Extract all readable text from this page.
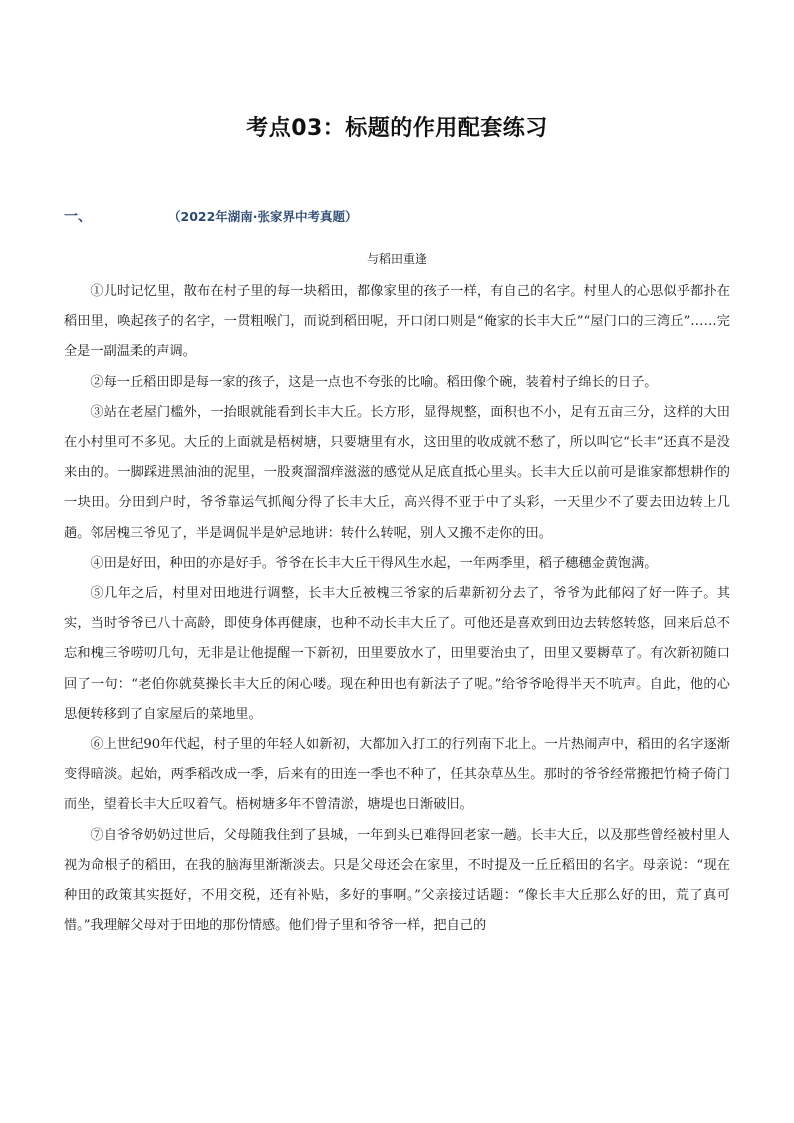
考点03：标题的作用配套练习
一、	（2022年湖南·张家界中考真题）
与稻田重逢

①儿时记忆里，散布在村子里的每一块稻田，都像家里的孩子一样，有自己的名字。村里人的心思似乎都扑在稻田里，唤起孩子的名字，一贯粗喉门，而说到稻田呢，开口闭口则是“俺家的长丰大丘”“屋门口的三湾丘”……完全是一副温柔的声调。

②每一丘稻田即是每一家的孩子，这是一点也不夸张的比喻。稻田像个碗，装着村子绵长的日子。

③站在老屋门槛外，一抬眼就能看到长丰大丘。长方形，显得规整，面积也不小，足有五亩三分，这样的大田在小村里可不多见。大丘的上面就是梧树塘，只要塘里有水，这田里的收成就不愁了，所以叫它“长丰”还真不是没来由的。一脚踩进黑油油的泥里，一股爽溜溜痒滋滋的感觉从足底直抵心里头。长丰大丘以前可是谁家都想耕作的一块田。分田到户时，爷爷靠运气抓阄分得了长丰大丘，高兴得不亚于中了头彩，一天里少不了要去田边转上几趟。邻居槐三爷见了，半是调侃半是妒忌地讲：转什么转呢，别人又搬不走你的田。

④田是好田，种田的亦是好手。爷爷在长丰大丘干得风生水起，一年两季里，稻子穗穗金黄饱满。

⑤几年之后，村里对田地进行调整，长丰大丘被槐三爷家的后辈新初分去了，爷爷为此郁闷了好一阵子。其实，当时爷爷已八十高龄，即使身体再健康，也种不动长丰大丘了。可他还是喜欢到田边去转悠转悠，回来后总不忘和槐三爷唠叨几句，无非是让他提醒一下新初，田里要放水了，田里要治虫了，田里又要耨草了。有次新初随口回了一句：“老伯你就莫操长丰大丘的闲心喽。现在种田也有新法子了呢。”给爷爷呛得半天不吭声。自此，他的心思便转移到了自家屋后的菜地里。

⑥上世纪90年代起，村子里的年轻人如新初，大都加入打工的行列南下北上。一片热闹声中，稻田的名字逐渐变得暗淡。起始，两季稻改成一季，后来有的田连一季也不种了，任其杂草丛生。那时的爷爷经常搬把竹椅子倚门而坐，望着长丰大丘叹着气。梧树塘多年不曾清淤，塘堤也日渐破旧。

⑦自爷爷奶奶过世后，父母随我住到了县城，一年到头已难得回老家一趟。长丰大丘，以及那些曾经被村里人视为命根子的稻田，在我的脑海里渐渐淡去。只是父母还会在家里，不时提及一丘丘稻田的名字。母亲说：“现在种田的政策其实挺好，不用交税，还有补贴，多好的事啊。”父亲接过话题：“像长丰大丘那么好的田，荒了真可惜。”我理解父母对于田地的那份情感。他们骨子里和爷爷一样，把自己的
